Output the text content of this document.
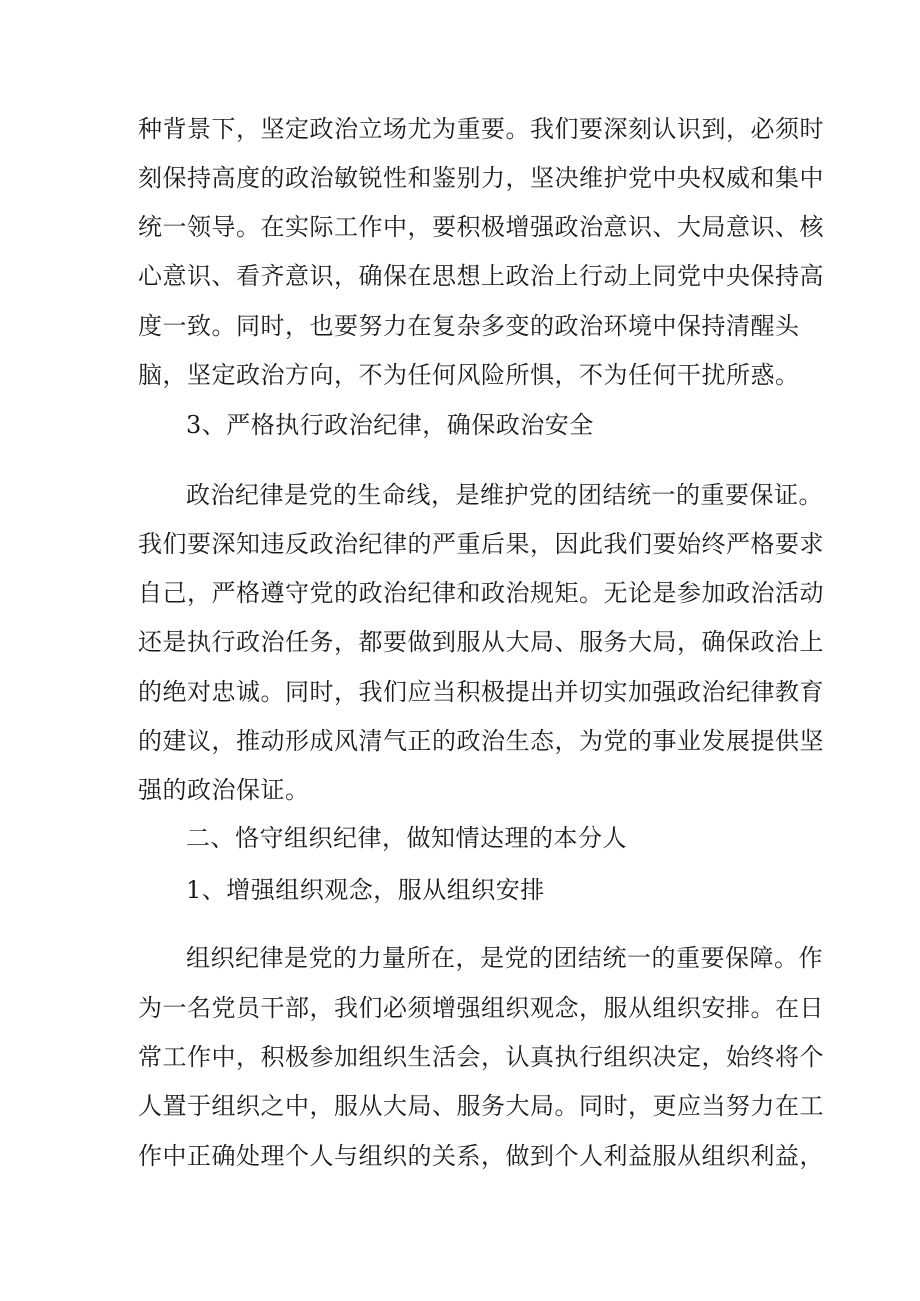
种背景下，坚定政治立场尤为重要。我们要深刻认识到，必须时
刻保持高度的政治敏锐性和鉴别力，坚决维护党中央权威和集中
统一领导。在实际工作中，要积极增强政治意识、大局意识、核
心意识、看齐意识，确保在思想上政治上行动上同党中央保持高
度一致。同时，也要努力在复杂多变的政治环境中保持清醒头
脑，坚定政治方向，不为任何风险所惧，不为任何干扰所惑。
3、严格执行政治纪律，确保政治安全
政治纪律是党的生命线，是维护党的团结统一的重要保证。
我们要深知违反政治纪律的严重后果，因此我们要始终严格要求
自己，严格遵守党的政治纪律和政治规矩。无论是参加政治活动
还是执行政治任务，都要做到服从大局、服务大局，确保政治上
的绝对忠诚。同时，我们应当积极提出并切实加强政治纪律教育
的建议，推动形成风清气正的政治生态，为党的事业发展提供坚
强的政治保证。
二、恪守组织纪律，做知情达理的本分人
1、增强组织观念，服从组织安排
组织纪律是党的力量所在，是党的团结统一的重要保障。作
为一名党员干部，我们必须增强组织观念，服从组织安排。在日
常工作中，积极参加组织生活会，认真执行组织决定，始终将个
人置于组织之中，服从大局、服务大局。同时，更应当努力在工
作中正确处理个人与组织的关系，做到个人利益服从组织利益，
